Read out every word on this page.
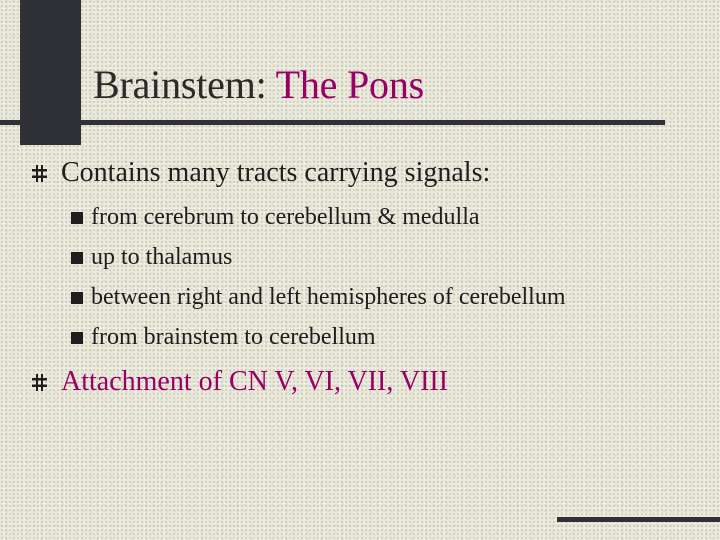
Brainstem: The Pons
Contains many tracts carrying signals:
from cerebrum to cerebellum & medulla
up to thalamus
between right and left hemispheres of cerebellum
from brainstem to cerebellum
Attachment of CN V, VI, VII, VIII
